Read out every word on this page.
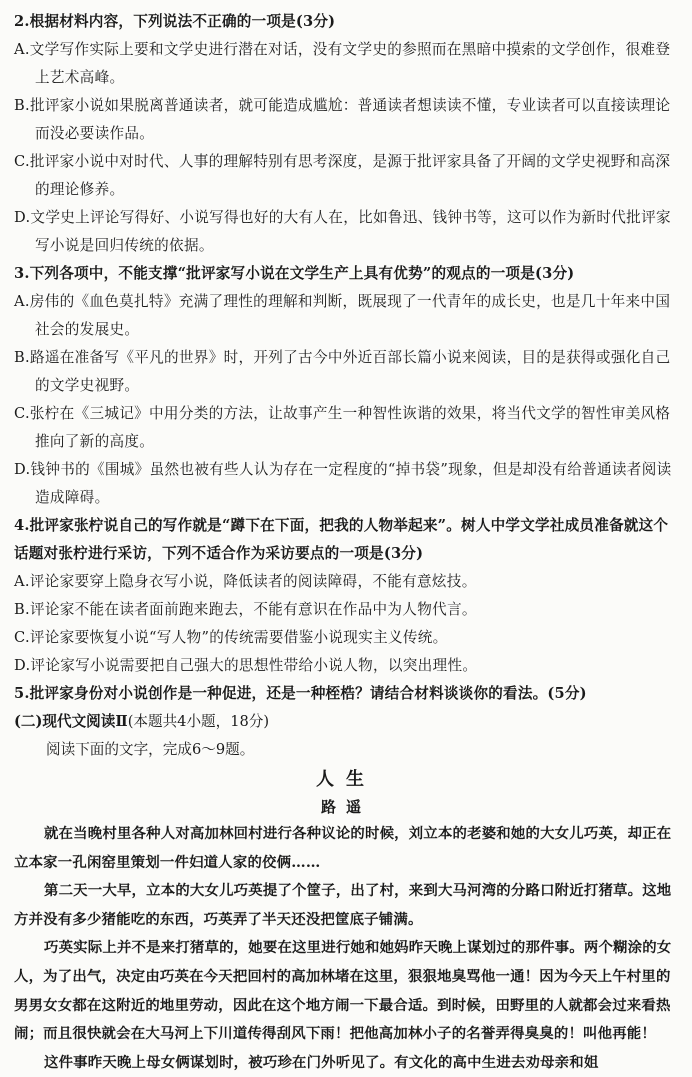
2.根据材料内容，下列说法不正确的一项是(3分)
A.文学写作实际上要和文学史进行潜在对话，没有文学史的参照而在黑暗中摸索的文学创作，很难登上艺术高峰。
B.批评家小说如果脱离普通读者，就可能造成尴尬：普通读者想读读不懂，专业读者可以直接读理论而没必要读作品。
C.批评家小说中对时代、人事的理解特别有思考深度，是源于批评家具备了开阔的文学史视野和高深的理论修养。
D.文学史上评论写得好、小说写得也好的大有人在，比如鲁迅、钱钟书等，这可以作为新时代批评家写小说是回归传统的依据。
3.下列各项中，不能支撑“批评家写小说在文学生产上具有优势”的观点的一项是(3分)
A.房伟的《血色莫扎特》充满了理性的理解和判断，既展现了一代青年的成长史，也是几十年来中国社会的发展史。
B.路遥在准备写《平凡的世界》时，开列了古今中外近百部长篇小说来阅读，目的是获得或强化自己的文学史视野。
C.张柠在《三城记》中用分类的方法，让故事产生一种智性诙谐的效果，将当代文学的智性审美风格推向了新的高度。
D.钱钟书的《围城》虽然也被有些人认为存在一定程度的“掉书袋”现象，但是却没有给普通读者阅读造成障碍。
4.批评家张柠说自己的写作就是“蹲下在下面，把我的人物举起来”。树人中学文学社成员准备就这个话题对张柠进行采访，下列不适合作为采访要点的一项是(3分)
A.评论家要穿上隐身衣写小说，降低读者的阅读障碍，不能有意炫技。
B.评论家不能在读者面前跑来跑去，不能有意识在作品中为人物代言。
C.评论家要恢复小说“写人物”的传统需要借鉴小说现实主义传统。
D.评论家写小说需要把自己强大的思想性带给小说人物，以突出理性。
5.批评家身份对小说创作是一种促进，还是一种桎梏？请结合材料谈谈你的看法。(5分)
(二)现代文阅读Ⅱ(本题共4小题，18分)
阅读下面的文字，完成6～9题。
人生
路遥
就在当晚村里各种人对高加林回村进行各种议论的时候，刘立本的老婆和她的大女儿巧英，却正在立本家一孔闲窑里策划一件妇道人家的佼俩……
第二天一大早，立本的大女儿巧英提了个筐子，出了村，来到大马河湾的分路口附近打猪草。这地方并没有多少猪能吃的东西，巧英弄了半天还没把筐底子铺满。
巧英实际上并不是来打猪草的，她要在这里进行她和她妈昨天晚上谋划过的那件事。两个糊涂的女人，为了出气，决定由巧英在今天把回村的高加林堵在这里，狠狠地臭骂他一通！因为今天上午村里的男男女女都在这附近的地里劳动，因此在这个地方闹一下最合适。到时候，田野里的人就都会过来看热闹；而且很快就会在大马河上下川道传得刮风下雨！把他高加林小子的名誉弄得臭臭的！叫他再能！
这件事昨天晚上母女俩谋划时，被巧珍在门外听见了。有文化的高中生进去劝母亲和姐
